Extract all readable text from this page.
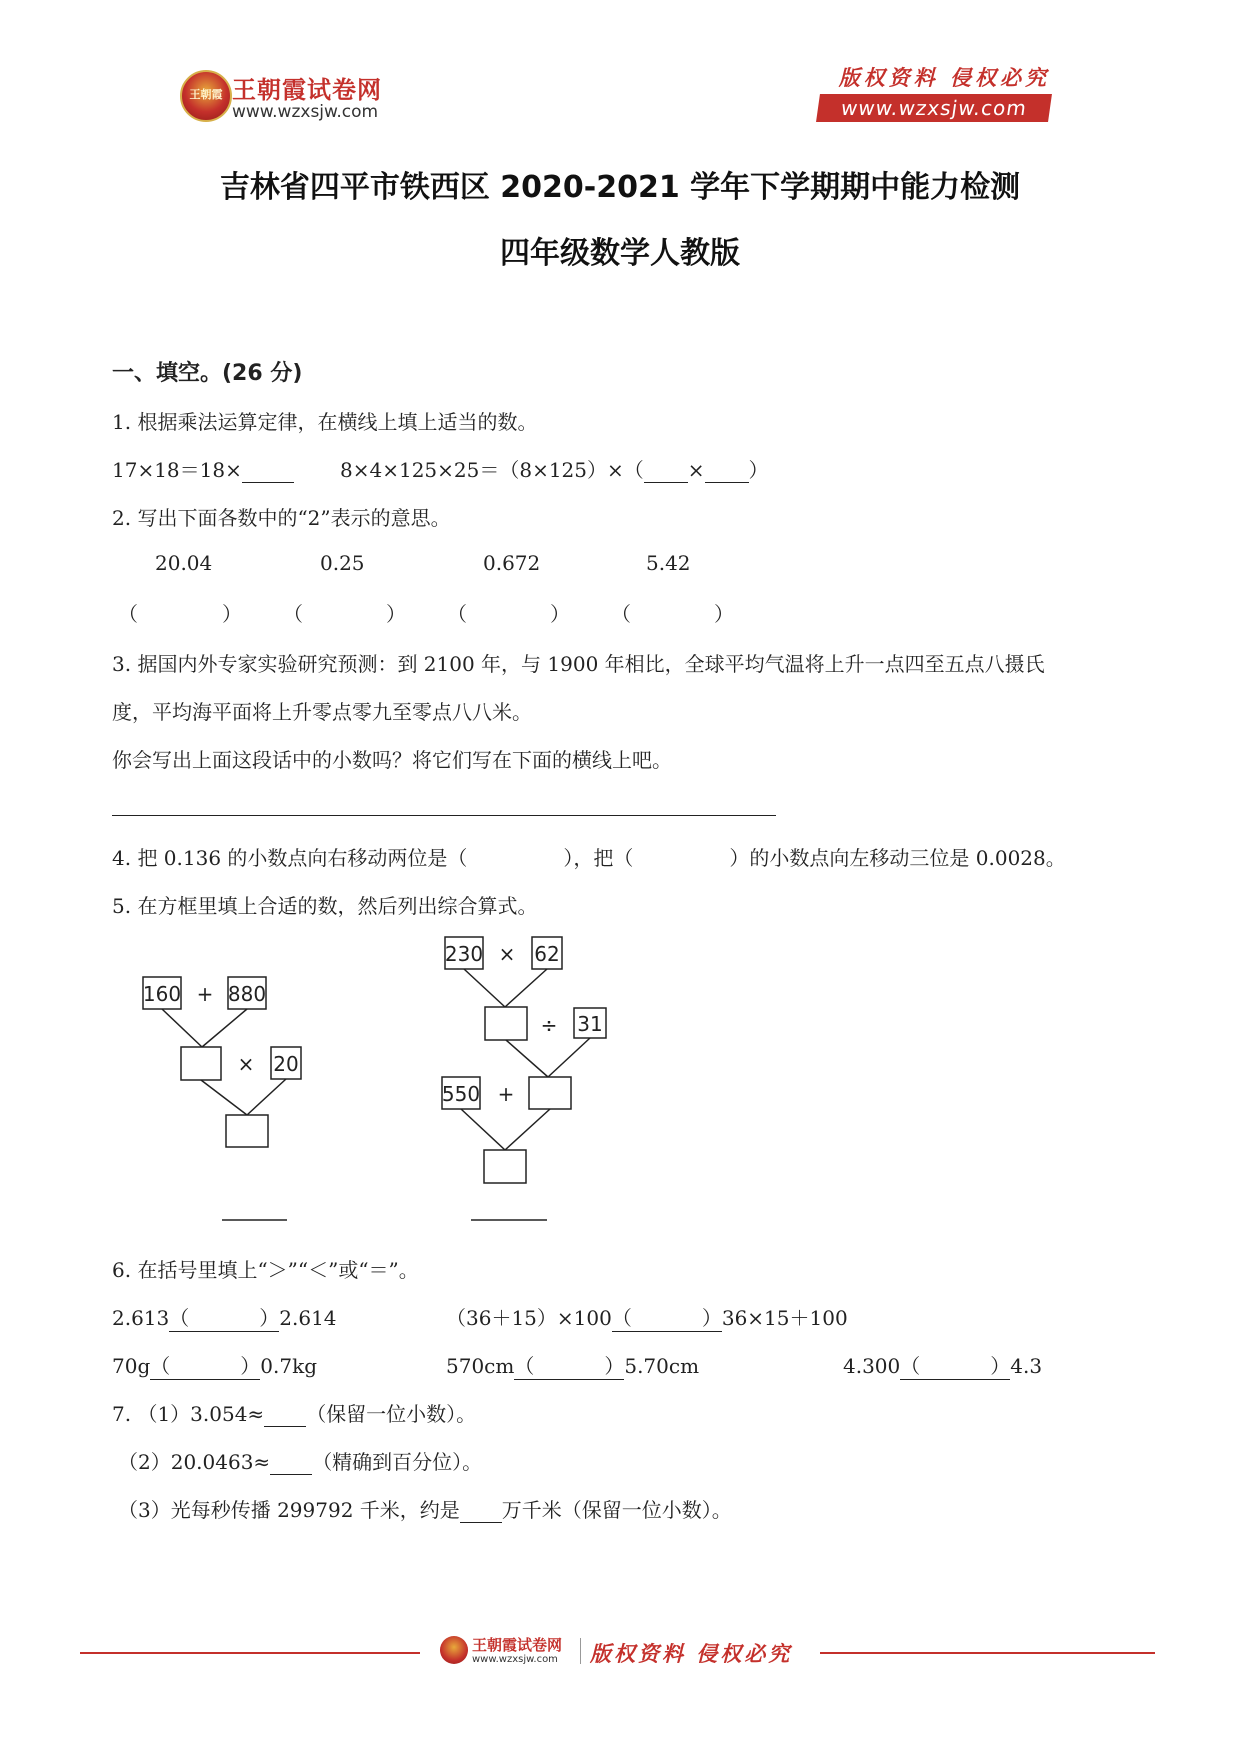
王朝霞 王朝霞试卷网
www.wzxsjw.com
版权资料 侵权必究
www.wzxsjw.com
吉林省四平市铁西区 2020-2021 学年下学期期中能力检测
四年级数学人教版
一、填空。(26 分)
1. 根据乘法运算定律，在横线上填上适当的数。
17×18＝18×	8×4×125×25＝（8×125）×（ × ）
2. 写出下面各数中的“2”表示的意思。
20.04	0.25	0.672	5.42
（	） （	） （	） （	）
3. 据国内外专家实验研究预测：到 2100 年，与 1900 年相比，全球平均气温将上升一点四至五点八摄氏
度，平均海平面将上升零点零九至零点八八米。
你会写出上面这段话中的小数吗？将它们写在下面的横线上吧。
4. 把 0.136 的小数点向右移动两位是（	），把（	）的小数点向左移动三位是 0.0028。
5. 在方框里填上合适的数，然后列出综合算式。
160 + 880
× 20
230 × 62
÷ 31
550 +
6. 在括号里填上“＞”“＜”或“＝”。
2.613（	）2.614	（36＋15）×100（	）36×15＋100
70g（	）0.7kg	570cm（	）5.70cm	4.300（	）4.3
7. （1）3.054≈ （保留一位小数）。
（2）20.0463≈ （精确到百分位）。
（3）光每秒传播 299792 千米，约是 万千米（保留一位小数）。
王朝霞试卷网
www.wzxsjw.com 版权资料 侵权必究
